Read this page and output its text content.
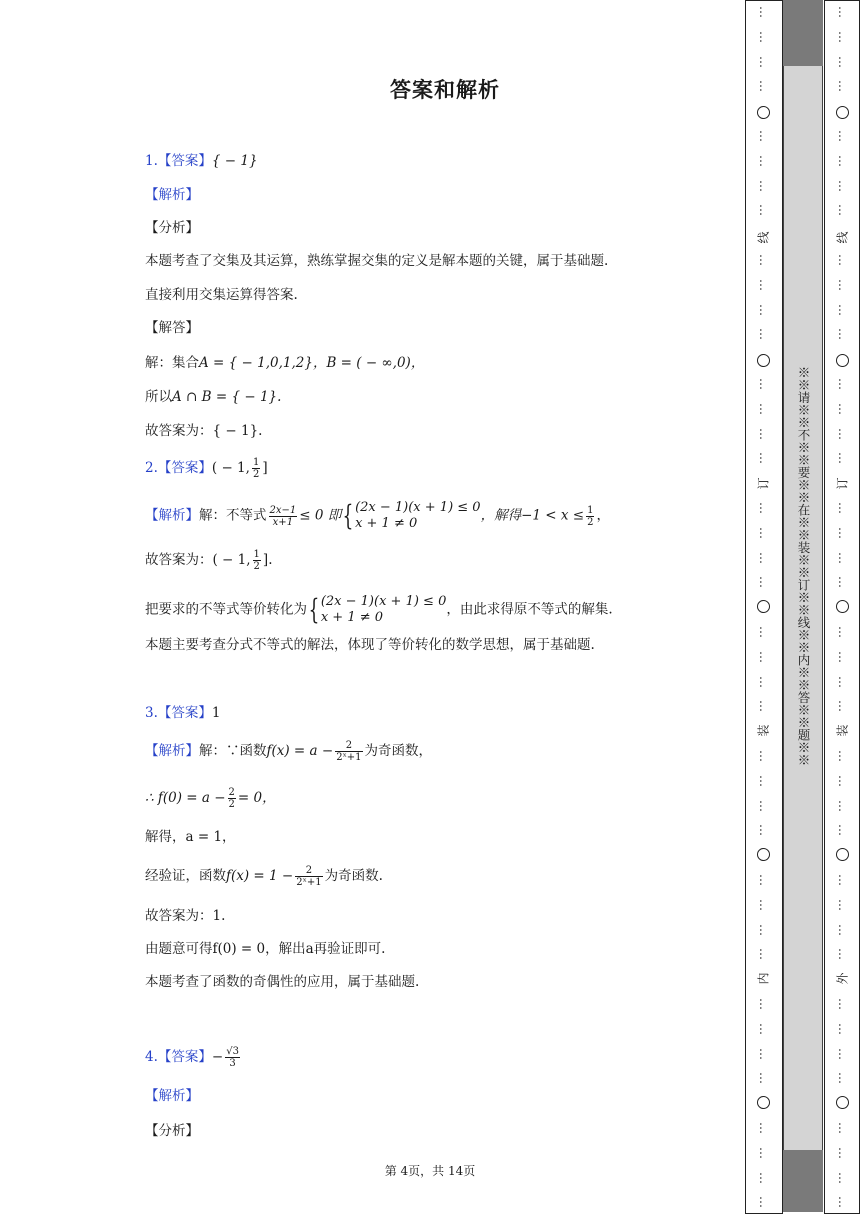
答案和解析
1.【答案】{ − 1}
【解析】
【分析】
本题考查了交集及其运算，熟练掌握交集的定义是解本题的关键，属于基础题.
直接利用交集运算得答案.
【解答】
解：集合A = { − 1,0,1,2}，B = ( − ∞,0)，
所以A ∩ B = { − 1}.
故答案为：{ − 1}.
2.【答案】( − 1, $\frac{1}{2}$ ]
【解析】解：不等式 $\frac{2x-1}{x+1} \le 0$ 即{ (2x − 1)(x + 1) ≤ 0
x + 1 ≠ 0	，解得$-1 < x \le \frac{1}{2}$ ，
故答案为：( − 1, $\frac{1}{2}$ ].
把要求的不等式等价转化为{ (2x − 1)(x + 1) ≤ 0
x + 1 ≠ 0	，由此求得原不等式的解集.
本题主要考查分式不等式的解法，体现了等价转化的数学思想，属于基础题.
3.【答案】1
【解析】解：∵函数$f(x) = a - \frac{2}{\text{2ˣ+1}}$ 为奇函数，
∴ $f(0) = a - \frac{2}{2} = 0$，
解得，a = 1，
经验证，函数$f(x) = 1 - \frac{2}{\text{2ˣ+1}}$ 为奇函数.
故答案为：1.
由题意可得f(0) = 0，解出a再验证即可.
本题考查了函数的奇偶性的应用，属于基础题.
4.【答案】− $\frac{√3}{3}$
【解析】
【分析】
第 4页，共 14页
※※请※※不※※要※※在※※装※※订※※线※※内※※答※※题※※
…
…
…
…
…
…
…
…
…
…
…
…
…
…
…
…
…
…
…
…
…
…
…
…
…
…
…
…
…
…
…
…
…
…
…
…
…
…
…
…
线
订
装
内
…
…
…
…
…
…
…
…
…
…
…
…
…
…
…
…
…
…
…
…
…
…
…
…
…
…
…
…
…
…
…
…
…
…
…
…
…
…
…
…
线
订
装
外
